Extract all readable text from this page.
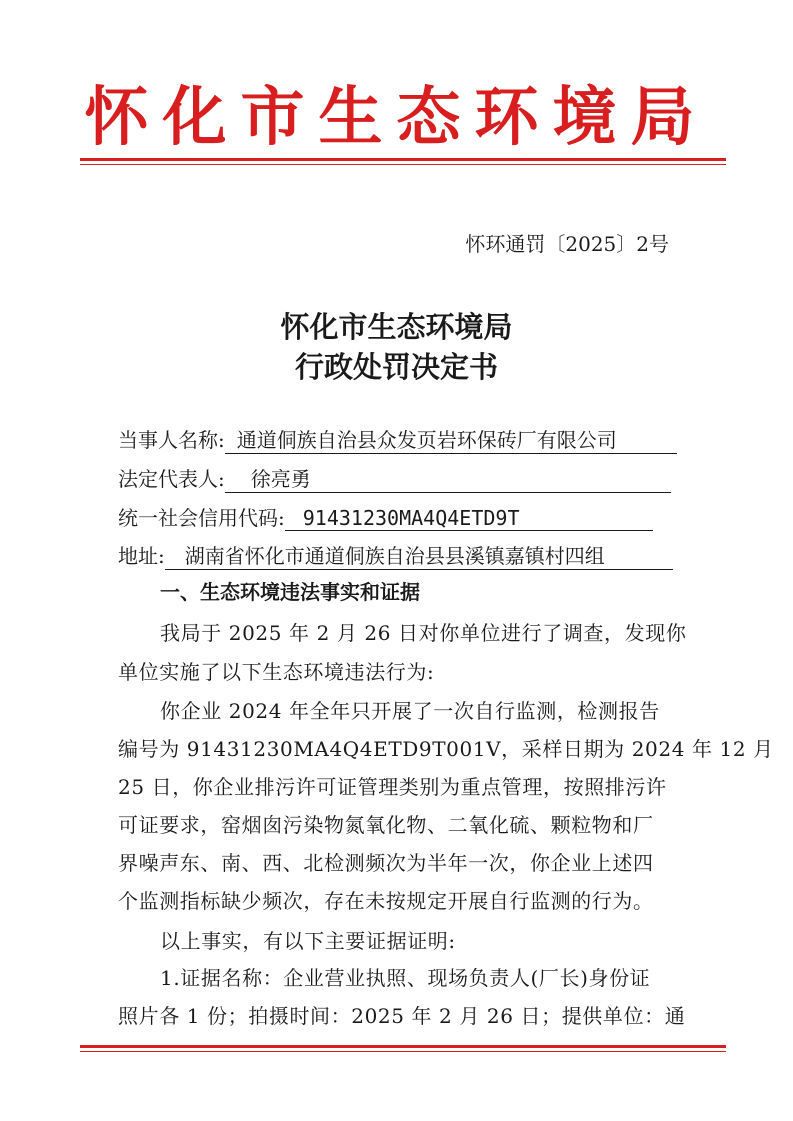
怀化市生态环境局
怀环通罚〔2025〕2号
怀化市生态环境局
行政处罚决定书
当事人名称: 通道侗族自治县众发页岩环保砖厂有限公司
法定代表人: 徐亮勇
统一社会信用代码: 91431230MA4Q4ETD9T
地址: 湖南省怀化市通道侗族自治县县溪镇嘉镇村四组
一、生态环境违法事实和证据
我局于 2025 年 2 月 26 日对你单位进行了调查，发现你
单位实施了以下生态环境违法行为:
你企业 2024 年全年只开展了一次自行监测，检测报告
编号为 91431230MA4Q4ETD9T001V，采样日期为 2024 年 12 月
25 日，你企业排污许可证管理类别为重点管理，按照排污许
可证要求，窑烟囱污染物氮氧化物、二氧化硫、颗粒物和厂
界噪声东、南、西、北检测频次为半年一次，你企业上述四
个监测指标缺少频次，存在未按规定开展自行监测的行为。
以上事实，有以下主要证据证明:
1.证据名称：企业营业执照、现场负责人(厂长)身份证
照片各 1 份；拍摄时间：2025 年 2 月 26 日；提供单位：通
